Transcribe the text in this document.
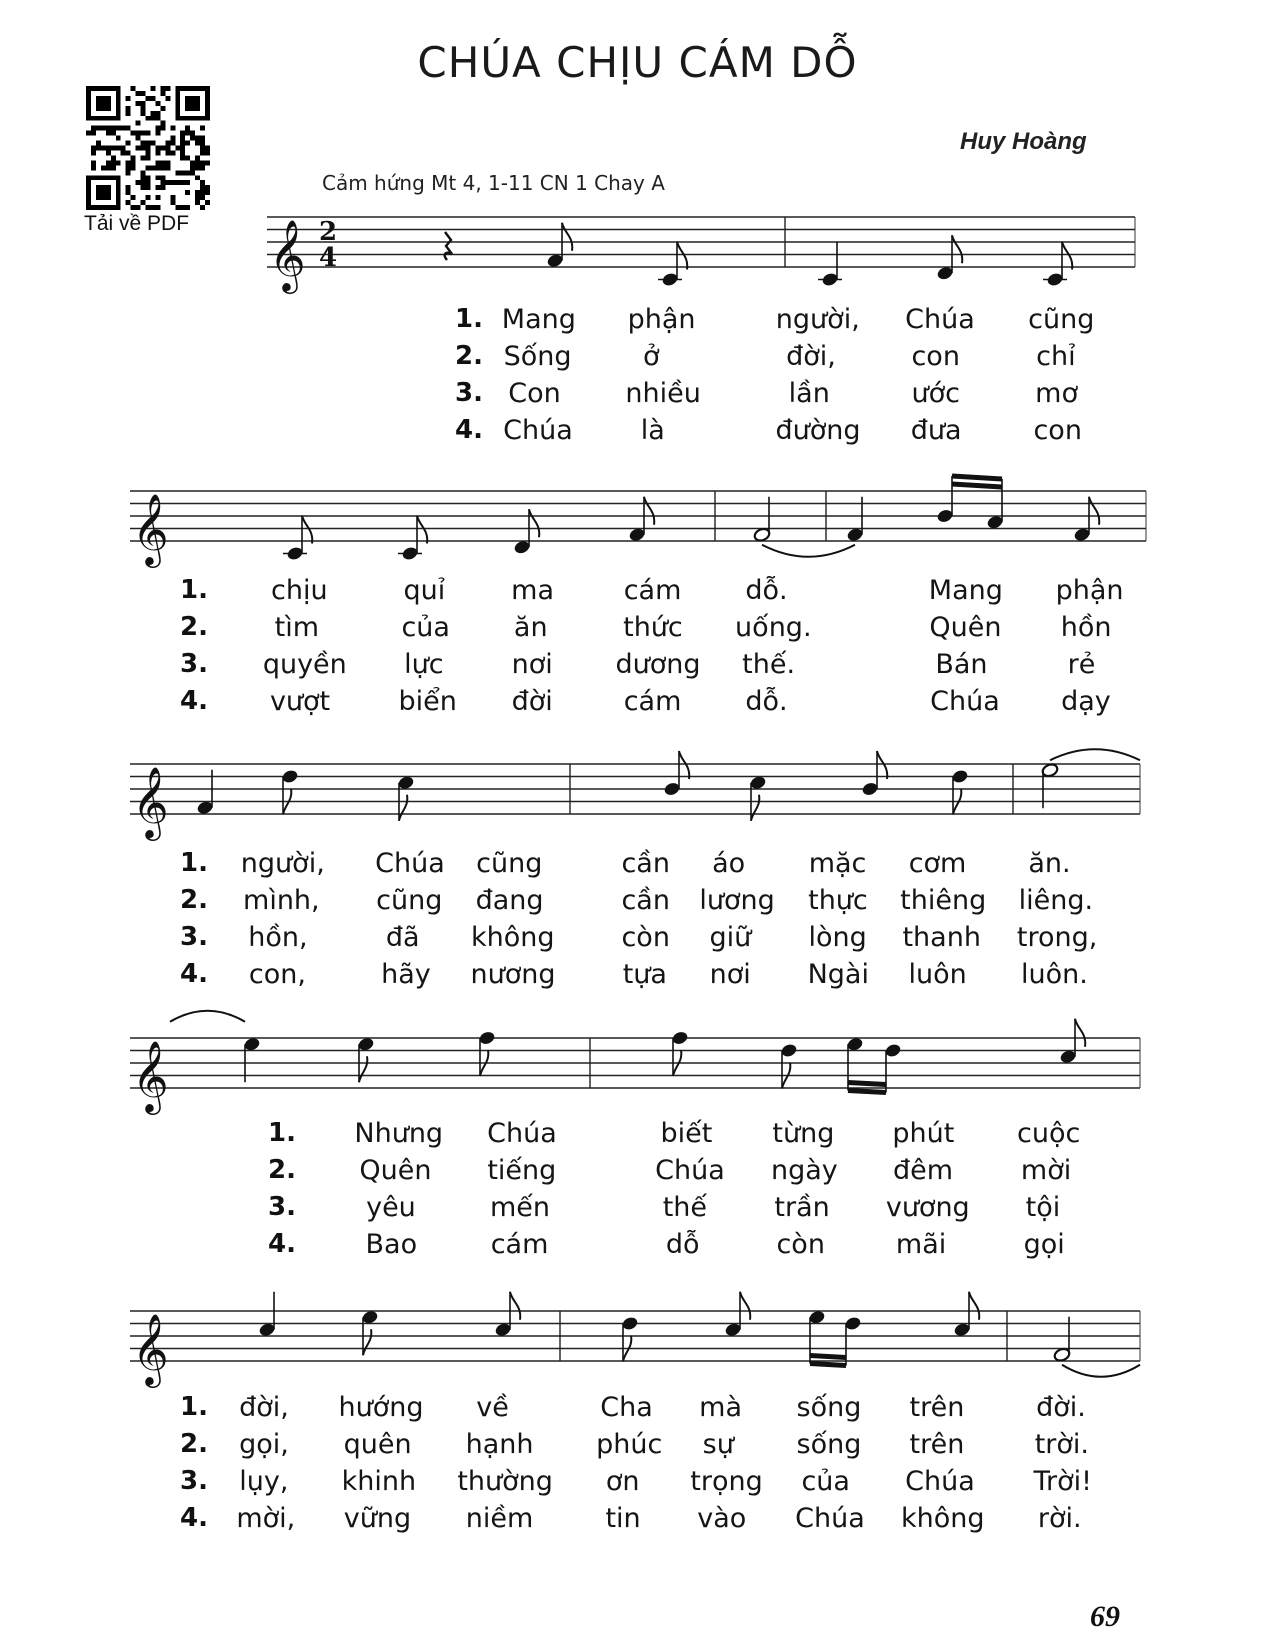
CHÚA CHỊU CÁM DỖ
Tải về PDF
Huy Hoàng
Cảm hứng Mt 4, 1-11 CN 1 Chay A
𝄞 2
4
𝄞
𝄞
𝄞
𝄞
1. Mang phận	người, Chúa cũng
2. Sống	ở	đời,	con	chỉ
3. Con nhiều	lần	ước	mơ
4. Chúa	là	đường đưa	con
1. chịu	quỉ ma	cám dỗ.	Mang phận
2. tìm	của ăn	thức uống.	Quên hồn
3. quyền lực	nơi dương thế.	Bán	rẻ
4. vượt	biển đời	cám dỗ.	Chúa dạy
1. người, Chúa cũng	cần áo mặc cơm ăn.
2. mình, cũng đang	cần lương thực thiêng liêng.
3. hồn,	đã không còn giữ lòng thanh trong,
4. con,	hãy nương tựa nơi Ngài luôn luôn.
1. Nhưng Chúa	biết từng phút cuộc
2. Quên tiếng	Chúa ngày đêm	mời
3.	yêu	mến	thế trần vương tội
4.	Bao	cám	dỗ	còn	mãi	gọi
1. đời, hướng về	Cha mà sống trên	đời.
2. gọi, quên hạnh phúc sự sống trên	trời.
3. lụy, khinh thường ơn trọng của Chúa Trời!
4. mời, vững niềm	tin vào Chúa không rời.
69
